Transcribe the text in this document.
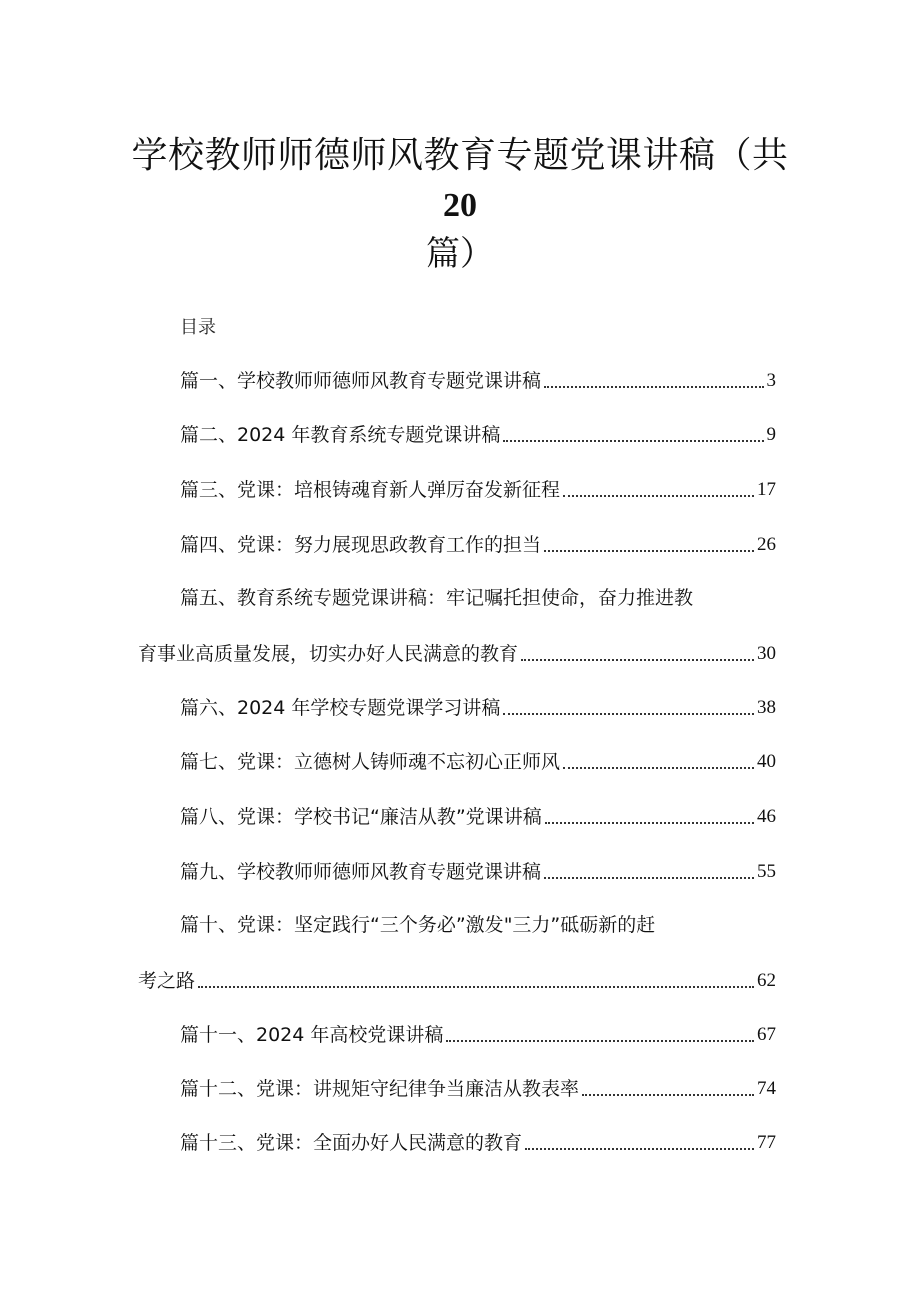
学校教师师德师风教育专题党课讲稿（共
20
篇）
目录
篇一、学校教师师德师风教育专题党课讲稿	3
篇二、2024 年教育系统专题党课讲稿	9
篇三、党课：培根铸魂育新人弹厉奋发新征程	17
篇四、党课：努力展现思政教育工作的担当	26
篇五、教育系统专题党课讲稿：牢记嘱托担使命，奋力推进教
育事业高质量发展，切实办好人民满意的教育	30
篇六、2024 年学校专题党课学习讲稿	38
篇七、党课：立德树人铸师魂不忘初心正师风	40
篇八、党课：学校书记“廉洁从教”党课讲稿	46
篇九、学校教师师德师风教育专题党课讲稿	55
篇十、党课：坚定践行“三个务必”激发"三力”砥砺新的赶
考之路	62
篇十一、2024 年高校党课讲稿	67
篇十二、党课：讲规矩守纪律争当廉洁从教表率	74
篇十三、党课：全面办好人民满意的教育	77
